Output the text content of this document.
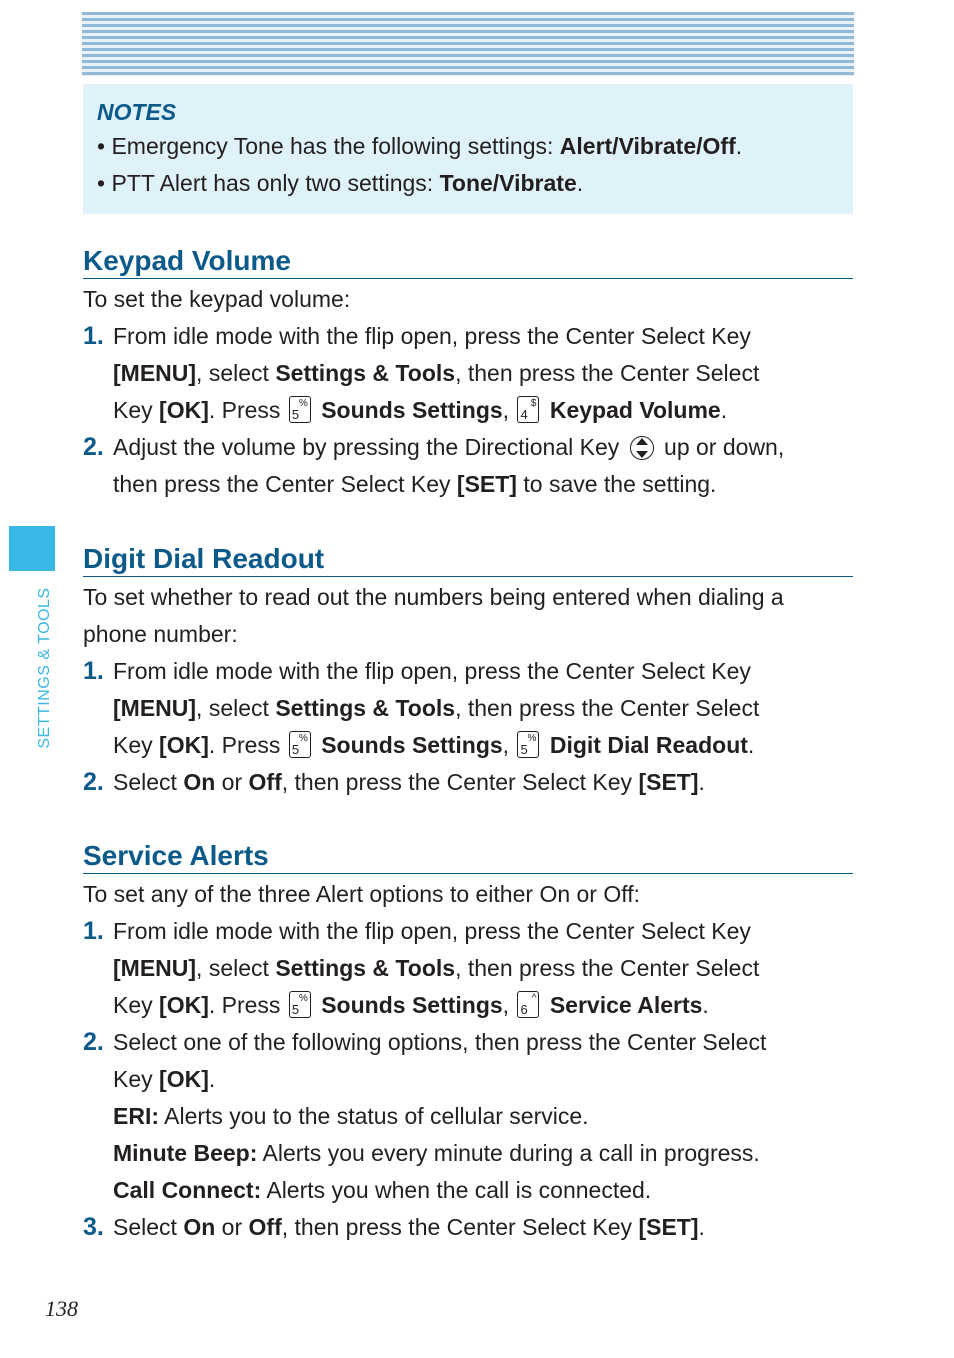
NOTES
• Emergency Tone has the following settings: Alert/Vibrate/Off.
• PTT Alert has only two settings: Tone/Vibrate.
Keypad Volume
To set the keypad volume:
1. From idle mode with the flip open, press the Center Select Key
[MENU], select Settings & Tools, then press the Center Select
Key [OK]. Press %
5 Sounds Settings, $
4 Keypad Volume.
2. Adjust the volume by pressing the Directional Key
up or down,
then press the Center Select Key [SET] to save the setting.
Digit Dial Readout
To set whether to read out the numbers being entered when dialing a phone number:
1. From idle mode with the flip open, press the Center Select Key
[MENU], select Settings & Tools, then press the Center Select
Key [OK]. Press %
5 Sounds Settings, %
5 Digit Dial Readout.
2. Select On or Off, then press the Center Select Key [SET].
Service Alerts
To set any of the three Alert options to either On or Off:
1. From idle mode with the flip open, press the Center Select Key
[MENU], select Settings & Tools, then press the Center Select
Key [OK]. Press %
5 Sounds Settings, ^
6 Service Alerts.
2. Select one of the following options, then press the Center Select
Key [OK].
ERI: Alerts you to the status of cellular service.
Minute Beep: Alerts you every minute during a call in progress.
Call Connect: Alerts you when the call is connected.
3. Select On or Off, then press the Center Select Key [SET].
SETTINGS & TOOLS
138
